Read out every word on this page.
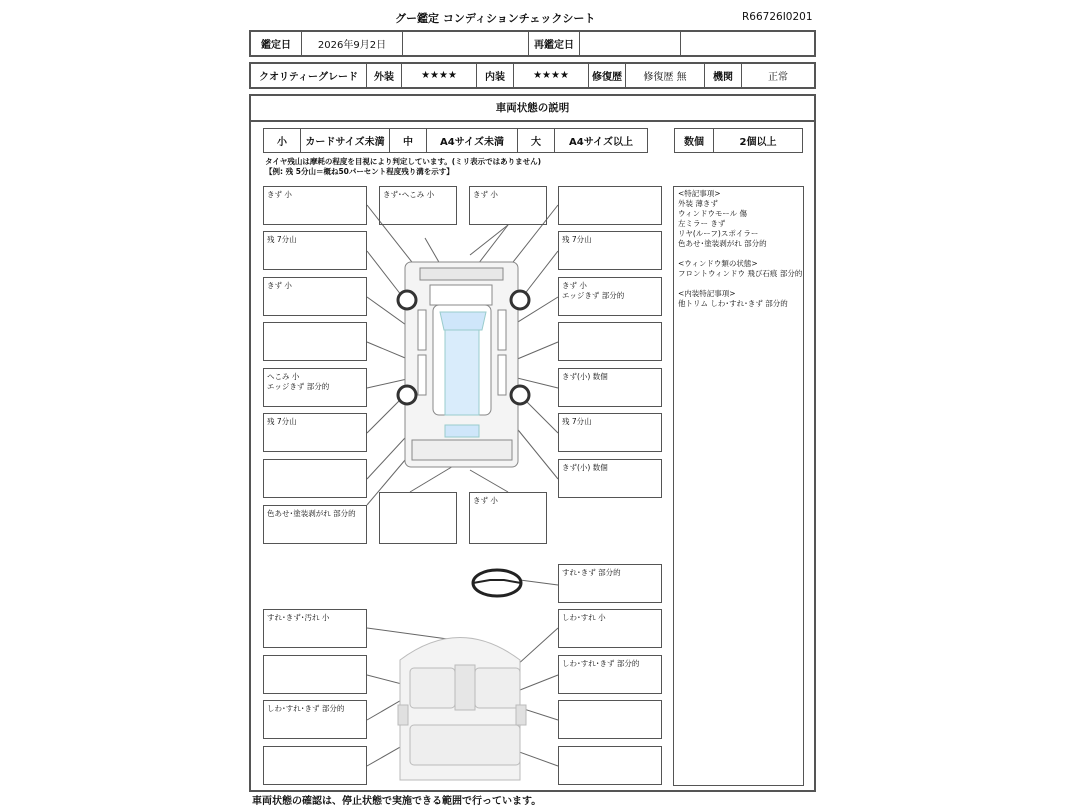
グー鑑定 コンディションチェックシート	R66726I0201
鑑定日	2026年9月2日		再鑑定日		
クオリティーグレード	外装	★★★★	内装	★★★★	修復歴	修復歴 無	機関	正常
車両状態の説明
小	カードサイズ未満	中	A4サイズ未満	大	A4サイズ以上	数個	2個以上
タイヤ残山は摩耗の程度を目視により判定しています。(ミリ表示ではありません)
【例: 残 5分山＝概ね50パーセント程度残り溝を示す】
きず 小	きず･へこみ 小	きず 小
残 7分山	残 7分山
きず 小	きず 小
エッジきず 部分的
へこみ 小
エッジきず 部分的
きず(小) 数個
残 7分山	残 7分山
きず(小) 数個
色あせ･塗装剥がれ 部分的
きず 小
すれ･きず 部分的
すれ･きず･汚れ 小	しわ･すれ 小
しわ･すれ･きず 部分的
しわ･すれ･きず 部分的
<特記事項>
外装 薄きず
ウィンドウモール 傷
左ミラー きず
リヤ(ルーフ)スポイラー
色あせ･塗装剥がれ 部分的
<ウィンドウ類の状態>
フロントウィンドウ 飛び石痕 部分的
<内装特記事項>
他トリム しわ･すれ･きず 部分的
車両状態の確認は、停止状態で実施できる範囲で行っています。
